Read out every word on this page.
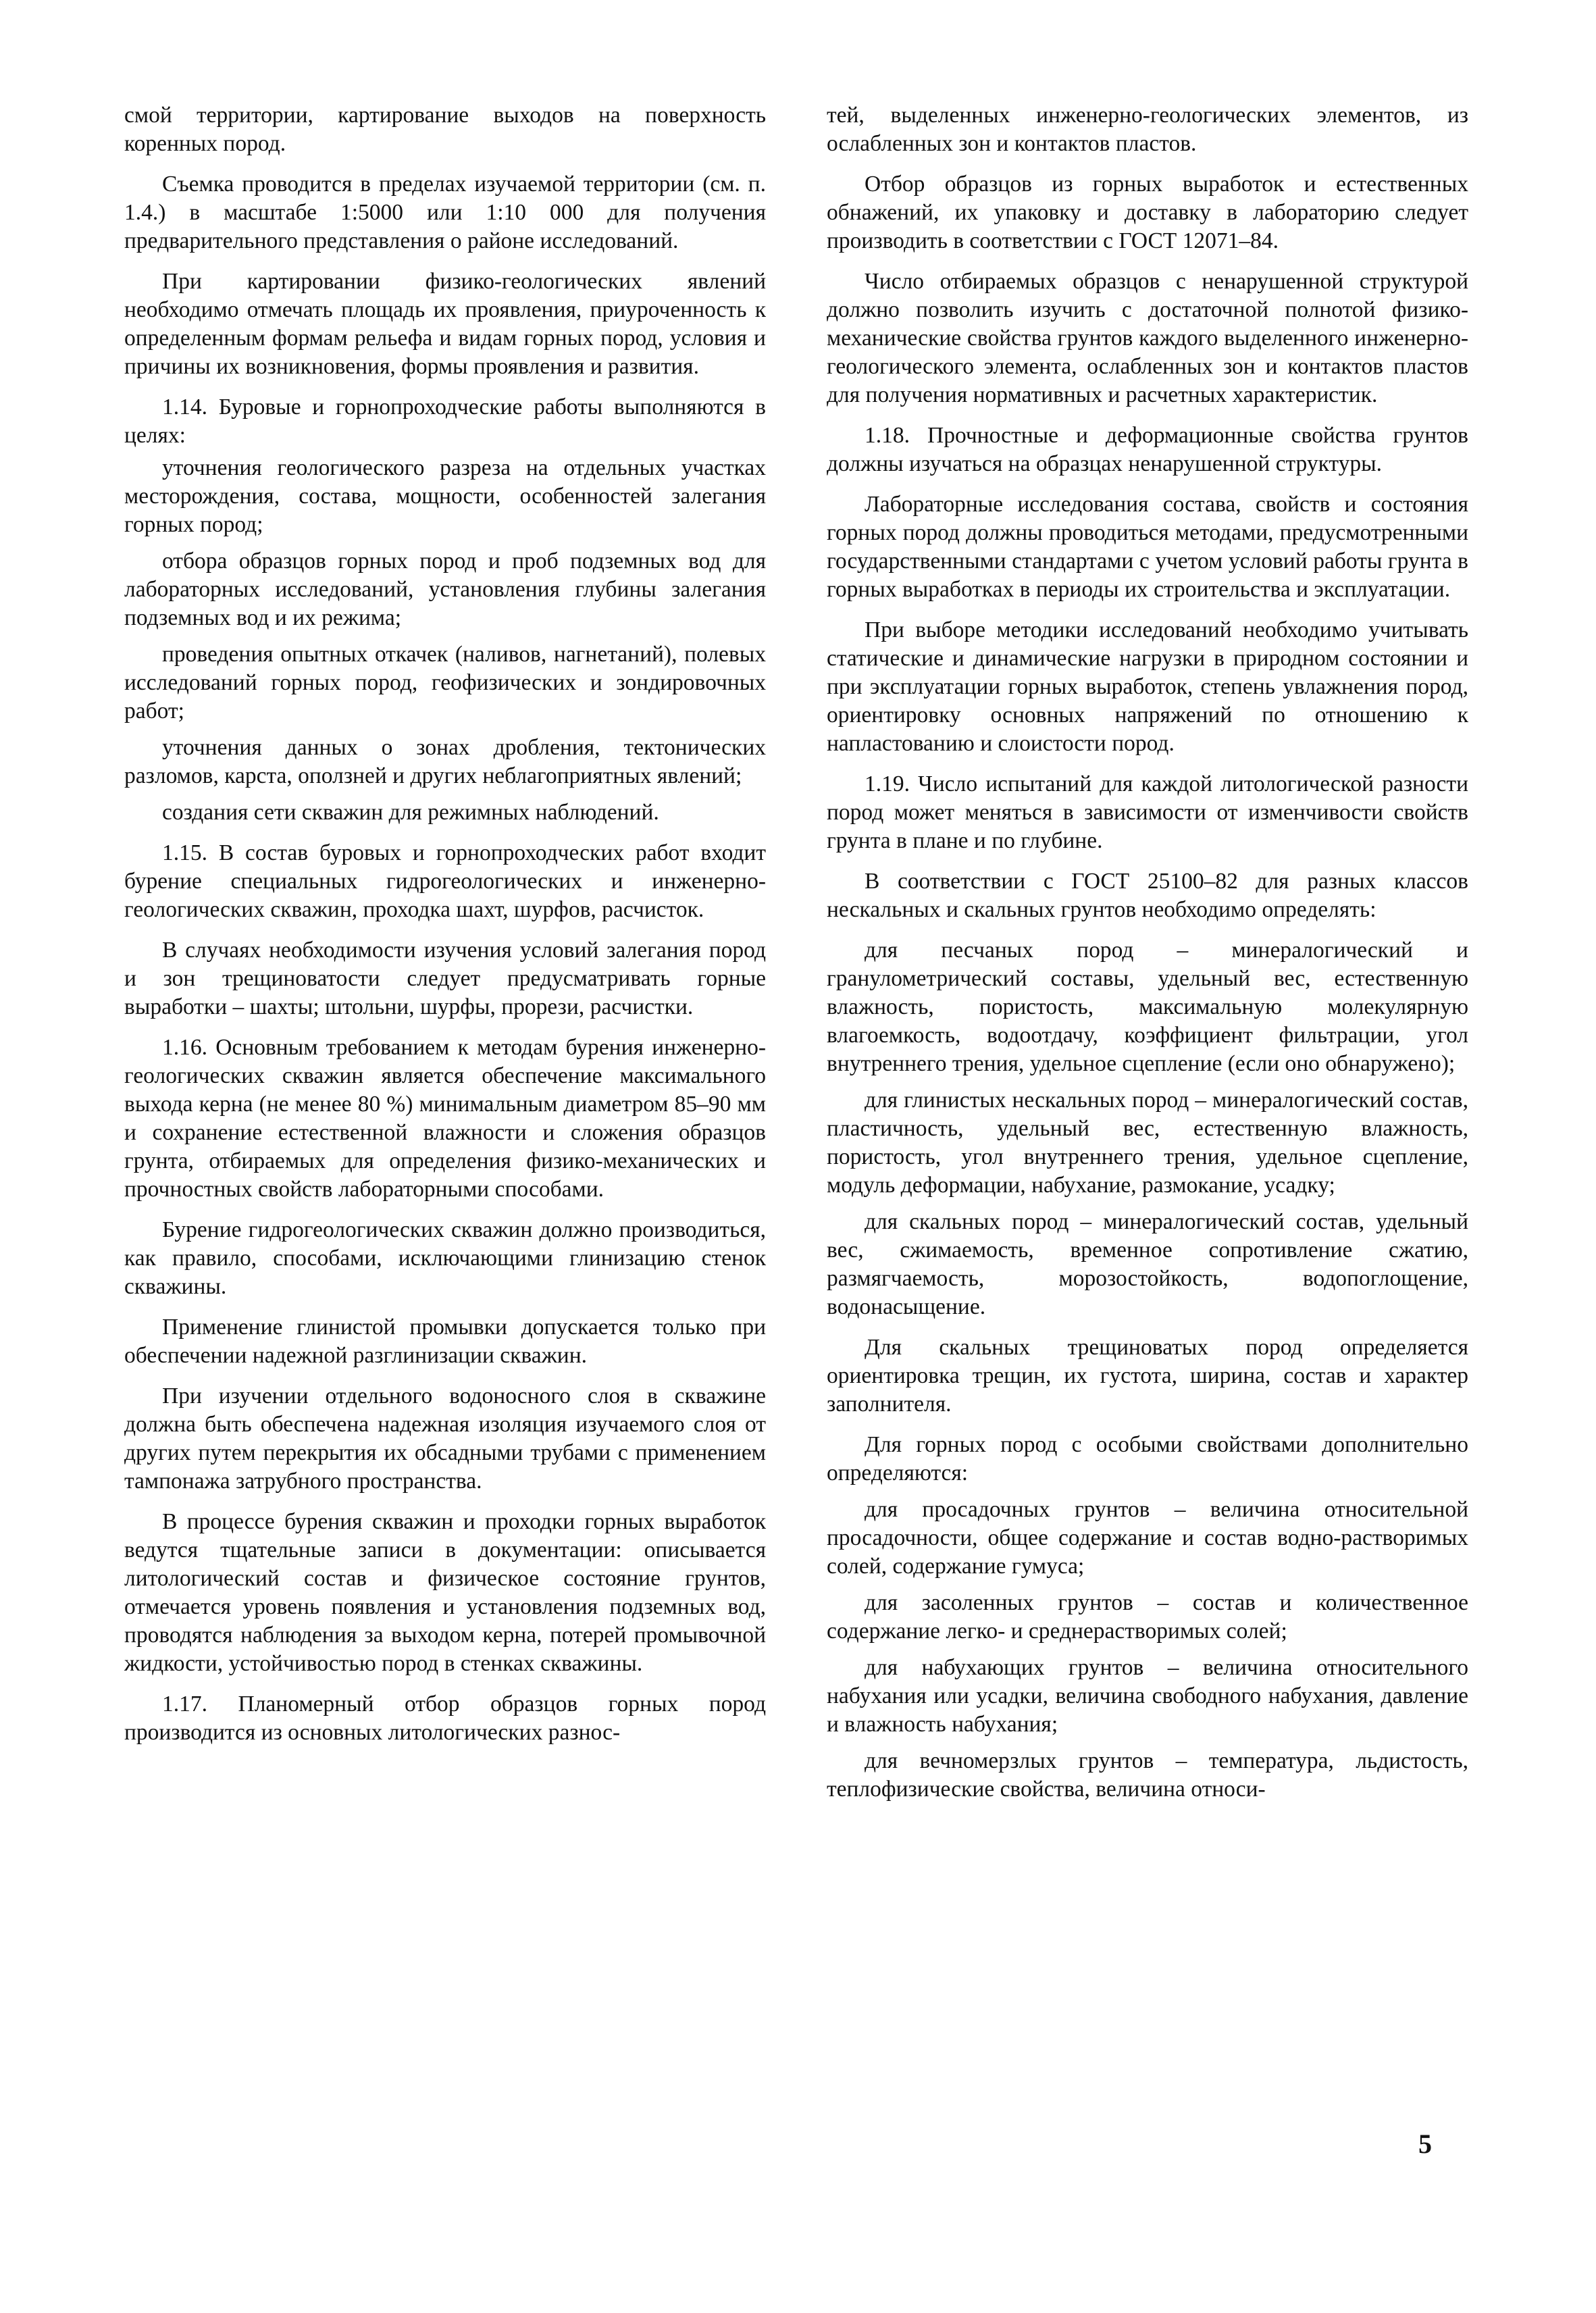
смой территории, картирование выходов на поверхность коренных пород.

Съемка проводится в пределах изучаемой территории (см. п. 1.4.) в масштабе 1:5000 или 1:10 000 для получения предварительного представления о районе исследований.

При картировании физико-геологических явлений необходимо отмечать площадь их проявления, приуроченность к определенным формам рельефа и видам горных пород, условия и причины их возникновения, формы проявления и развития.

1.14. Буровые и горнопроходческие работы выполняются в целях:

уточнения геологического разреза на отдельных участках месторождения, состава, мощности, особенностей залегания горных пород;

отбора образцов горных пород и проб подземных вод для лабораторных исследований, установления глубины залегания подземных вод и их режима;

проведения опытных откачек (наливов, нагнетаний), полевых исследований горных пород, геофизических и зондировочных работ;

уточнения данных о зонах дробления, тектонических разломов, карста, оползней и других неблагоприятных явлений;

создания сети скважин для режимных наблюдений.

1.15. В состав буровых и горнопроходческих работ входит бурение специальных гидрогеологических и инженерно-геологических скважин, проходка шахт, шурфов, расчисток.

В случаях необходимости изучения условий залегания пород и зон трещиноватости следует предусматривать горные выработки – шахты; штольни, шурфы, прорези, расчистки.

1.16. Основным требованием к методам бурения инженерно-геологических скважин является обеспечение максимального выхода керна (не менее 80 %) минимальным диаметром 85–90 мм и сохранение естественной влажности и сложения образцов грунта, отбираемых для определения физико-механических и прочностных свойств лабораторными способами.

Бурение гидрогеологических скважин должно производиться, как правило, способами, исключающими глинизацию стенок скважины.

Применение глинистой промывки допускается только при обеспечении надежной разглинизации скважин.

При изучении отдельного водоносного слоя в скважине должна быть обеспечена надежная изоляция изучаемого слоя от других путем перекрытия их обсадными трубами с применением тампонажа затрубного пространства.

В процессе бурения скважин и проходки горных выработок ведутся тщательные записи в документации: описывается литологический состав и физическое состояние грунтов, отмечается уровень появления и установления подземных вод, проводятся наблюдения за выходом керна, потерей промывочной жидкости, устойчивостью пород в стенках скважины.

1.17. Планомерный отбор образцов горных пород производится из основных литологических разнос-

тей, выделенных инженерно-геологических элементов, из ослабленных зон и контактов пластов.

Отбор образцов из горных выработок и естественных обнажений, их упаковку и доставку в лабораторию следует производить в соответствии с ГОСТ 12071–84.

Число отбираемых образцов с ненарушенной структурой должно позволить изучить с достаточной полнотой физико-механические свойства грунтов каждого выделенного инженерно-геологического элемента, ослабленных зон и контактов пластов для получения нормативных и расчетных характеристик.

1.18. Прочностные и деформационные свойства грунтов должны изучаться на образцах ненарушенной структуры.

Лабораторные исследования состава, свойств и состояния горных пород должны проводиться методами, предусмотренными государственными стандартами с учетом условий работы грунта в горных выработках в периоды их строительства и эксплуатации.

При выборе методики исследований необходимо учитывать статические и динамические нагрузки в природном состоянии и при эксплуатации горных выработок, степень увлажнения пород, ориентировку основных напряжений по отношению к напластованию и слоистости пород.

1.19. Число испытаний для каждой литологической разности пород может меняться в зависимости от изменчивости свойств грунта в плане и по глубине.

В соответствии с ГОСТ 25100–82 для разных классов нескальных и скальных грунтов необходимо определять:

для песчаных пород – минералогический и гранулометрический составы, удельный вес, естественную влажность, пористость, максимальную молекулярную влагоемкость, водоотдачу, коэффициент фильтрации, угол внутреннего трения, удельное сцепление (если оно обнаружено);

для глинистых нескальных пород – минералогический состав, пластичность, удельный вес, естественную влажность, пористость, угол внутреннего трения, удельное сцепление, модуль деформации, набухание, размокание, усадку;

для скальных пород – минералогический состав, удельный вес, сжимаемость, временное сопротивление сжатию, размягчаемость, морозостойкость, водопоглощение, водонасыщение.

Для скальных трещиноватых пород определяется ориентировка трещин, их густота, ширина, состав и характер заполнителя.

Для горных пород с особыми свойствами дополнительно определяются:

для просадочных грунтов – величина относительной просадочности, общее содержание и состав водно-растворимых солей, содержание гумуса;

для засоленных грунтов – состав и количественное содержание легко- и среднерастворимых солей;

для набухающих грунтов – величина относительного набухания или усадки, величина свободного набухания, давление и влажность набухания;

для вечномерзлых грунтов – температура, льдистость, теплофизические свойства, величина относи-

5
